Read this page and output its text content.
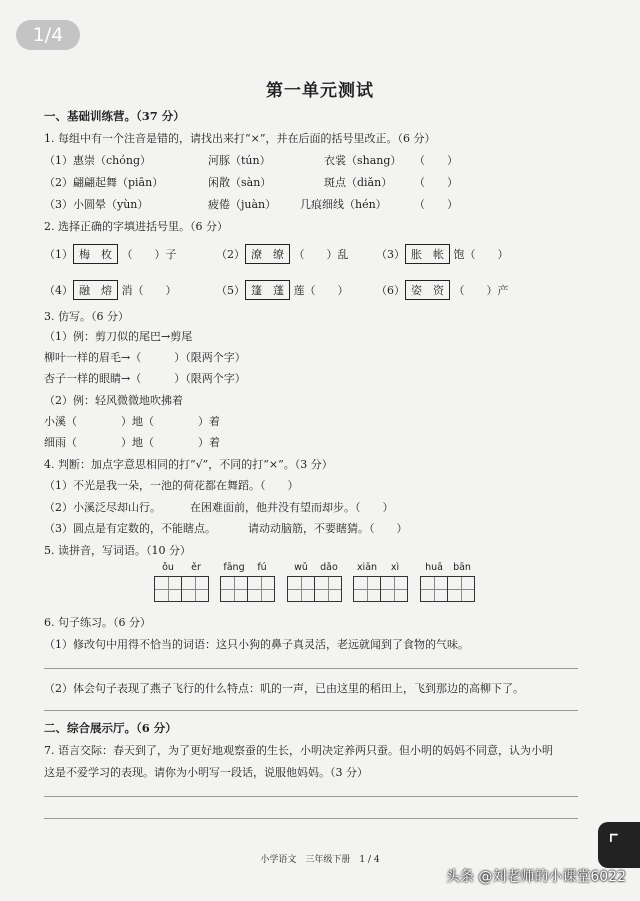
1/4
第一单元测试
一、基础训练营。（37 分）
1. 每组中有一个注音是错的，请找出来打“×”，并在后面的括号里改正。（6 分）
（1）惠崇（chóng）	河豚（tún）	衣裳（shang） （　　）
（2）翩翩起舞（piān）	闲散（sàn）	斑点（diǎn） （　　）
（3）小圆晕（yùn）	疲倦（juàn） 几痕细线（hén） （　　）
2. 选择正确的字填进括号里。（6 分）
（1） 梅　枚 （　　）子	（2） 潦　缭 （　　）乱	（3） 胀　帐 饱（　　）
（4） 融　熔 消（　　）	（5） 篷　蓬 莲（　　）	（6） 姿　资 （　　）产
3. 仿写。（6 分）
（1）例：剪刀似的尾巴→剪尾
柳叶一样的眉毛→（　　　）（限两个字）
杏子一样的眼睛→（　　　）（限两个字）
（2）例：轻风微微地吹拂着
小溪（　　　　）地（　　　　）着
细雨（　　　　）地（　　　　）着
4. 判断：加点字意思相同的打“√”，不同的打“×”。（3 分）
（1）不光是我一朵，一池的荷花都在舞蹈。（　　）
（2）小溪泛尽却山行。	在困难面前，他并没有望而却步。（　　）
（3）圆点是有定数的，不能瞎点。	请动动脑筋，不要瞎猜。（　　）
5. 读拼音，写词语。（10 分）
ǒu	ěr	fāng	fú	wǔ	dǎo	xiān	xì	huā	bān
6. 句子练习。（6 分）
（1）修改句中用得不恰当的词语：这只小狗的鼻子真灵活，老远就闻到了食物的气味。
（2）体会句子表现了燕子飞行的什么特点：叽的一声，已由这里的稻田上，飞到那边的高柳下了。
二、综合展示厅。（6 分）
7. 语言交际：春天到了，为了更好地观察蚕的生长，小明决定养两只蚕。但小明的妈妈不同意，认为小明
这是不爱学习的表现。请你为小明写一段话，说服他妈妈。（3 分）
小学语文　三年级下册　1 / 4
⌜
头条 @刘老师的小课堂6022
